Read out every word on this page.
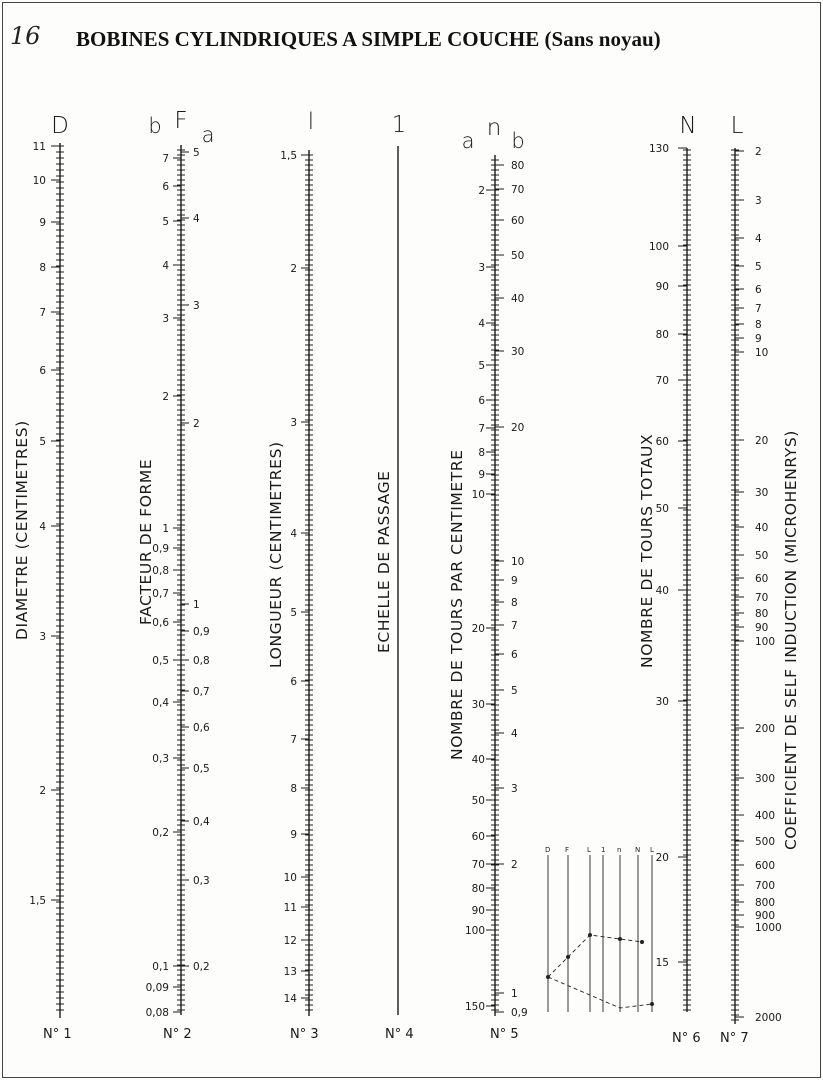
16 BOBINES CYLINDRIQUES A SIMPLE COUCHE (Sans noyau)
D
11
10
9
8
7
6
5
4
3
2
1,5
DIAMETRE (CENTIMETRES)
N° 1
b F
a
7
6
5
4
3
2
1
0,9
0,8
0,7
0,6
0,5
0,4
0,3
0,2
0,1
0,09
0,08
5
4
3
2
1
0,9
0,8
0,7
0,6
0,5
0,4
0,3
0,2
FACTEUR DE FORME
N° 2
l
1,5
2
3
4
5
6
7
8
9
10
11
12
13
14
LONGUEUR (CENTIMETRES)
N° 3
1
ECHELLE DE PASSAGE
N° 4
a n b
2
3
4
5
6
7
8
9
10
20
30
40
50
60
70
80
90
100
150
80
70
60
50
40
30
20
10
9
8
7
6
5
4
3
2
1
0,9
NOMBRE DE TOURS PAR CENTIMETRE
N° 5
N
130
100
90
80
70
60
50
40
30
20
15
NOMBRE DE TOURS TOTAUX
N° 6
L
2
3
4
5
6
7
8
9
10
20
30
40
50
60
70
80
90
100
200
300
400
500
600
700
800
900
1000
2000
COEFFICIENT DE SELF INDUCTION (MICROHENRYS)
N° 7
D F	L 1 n N L
